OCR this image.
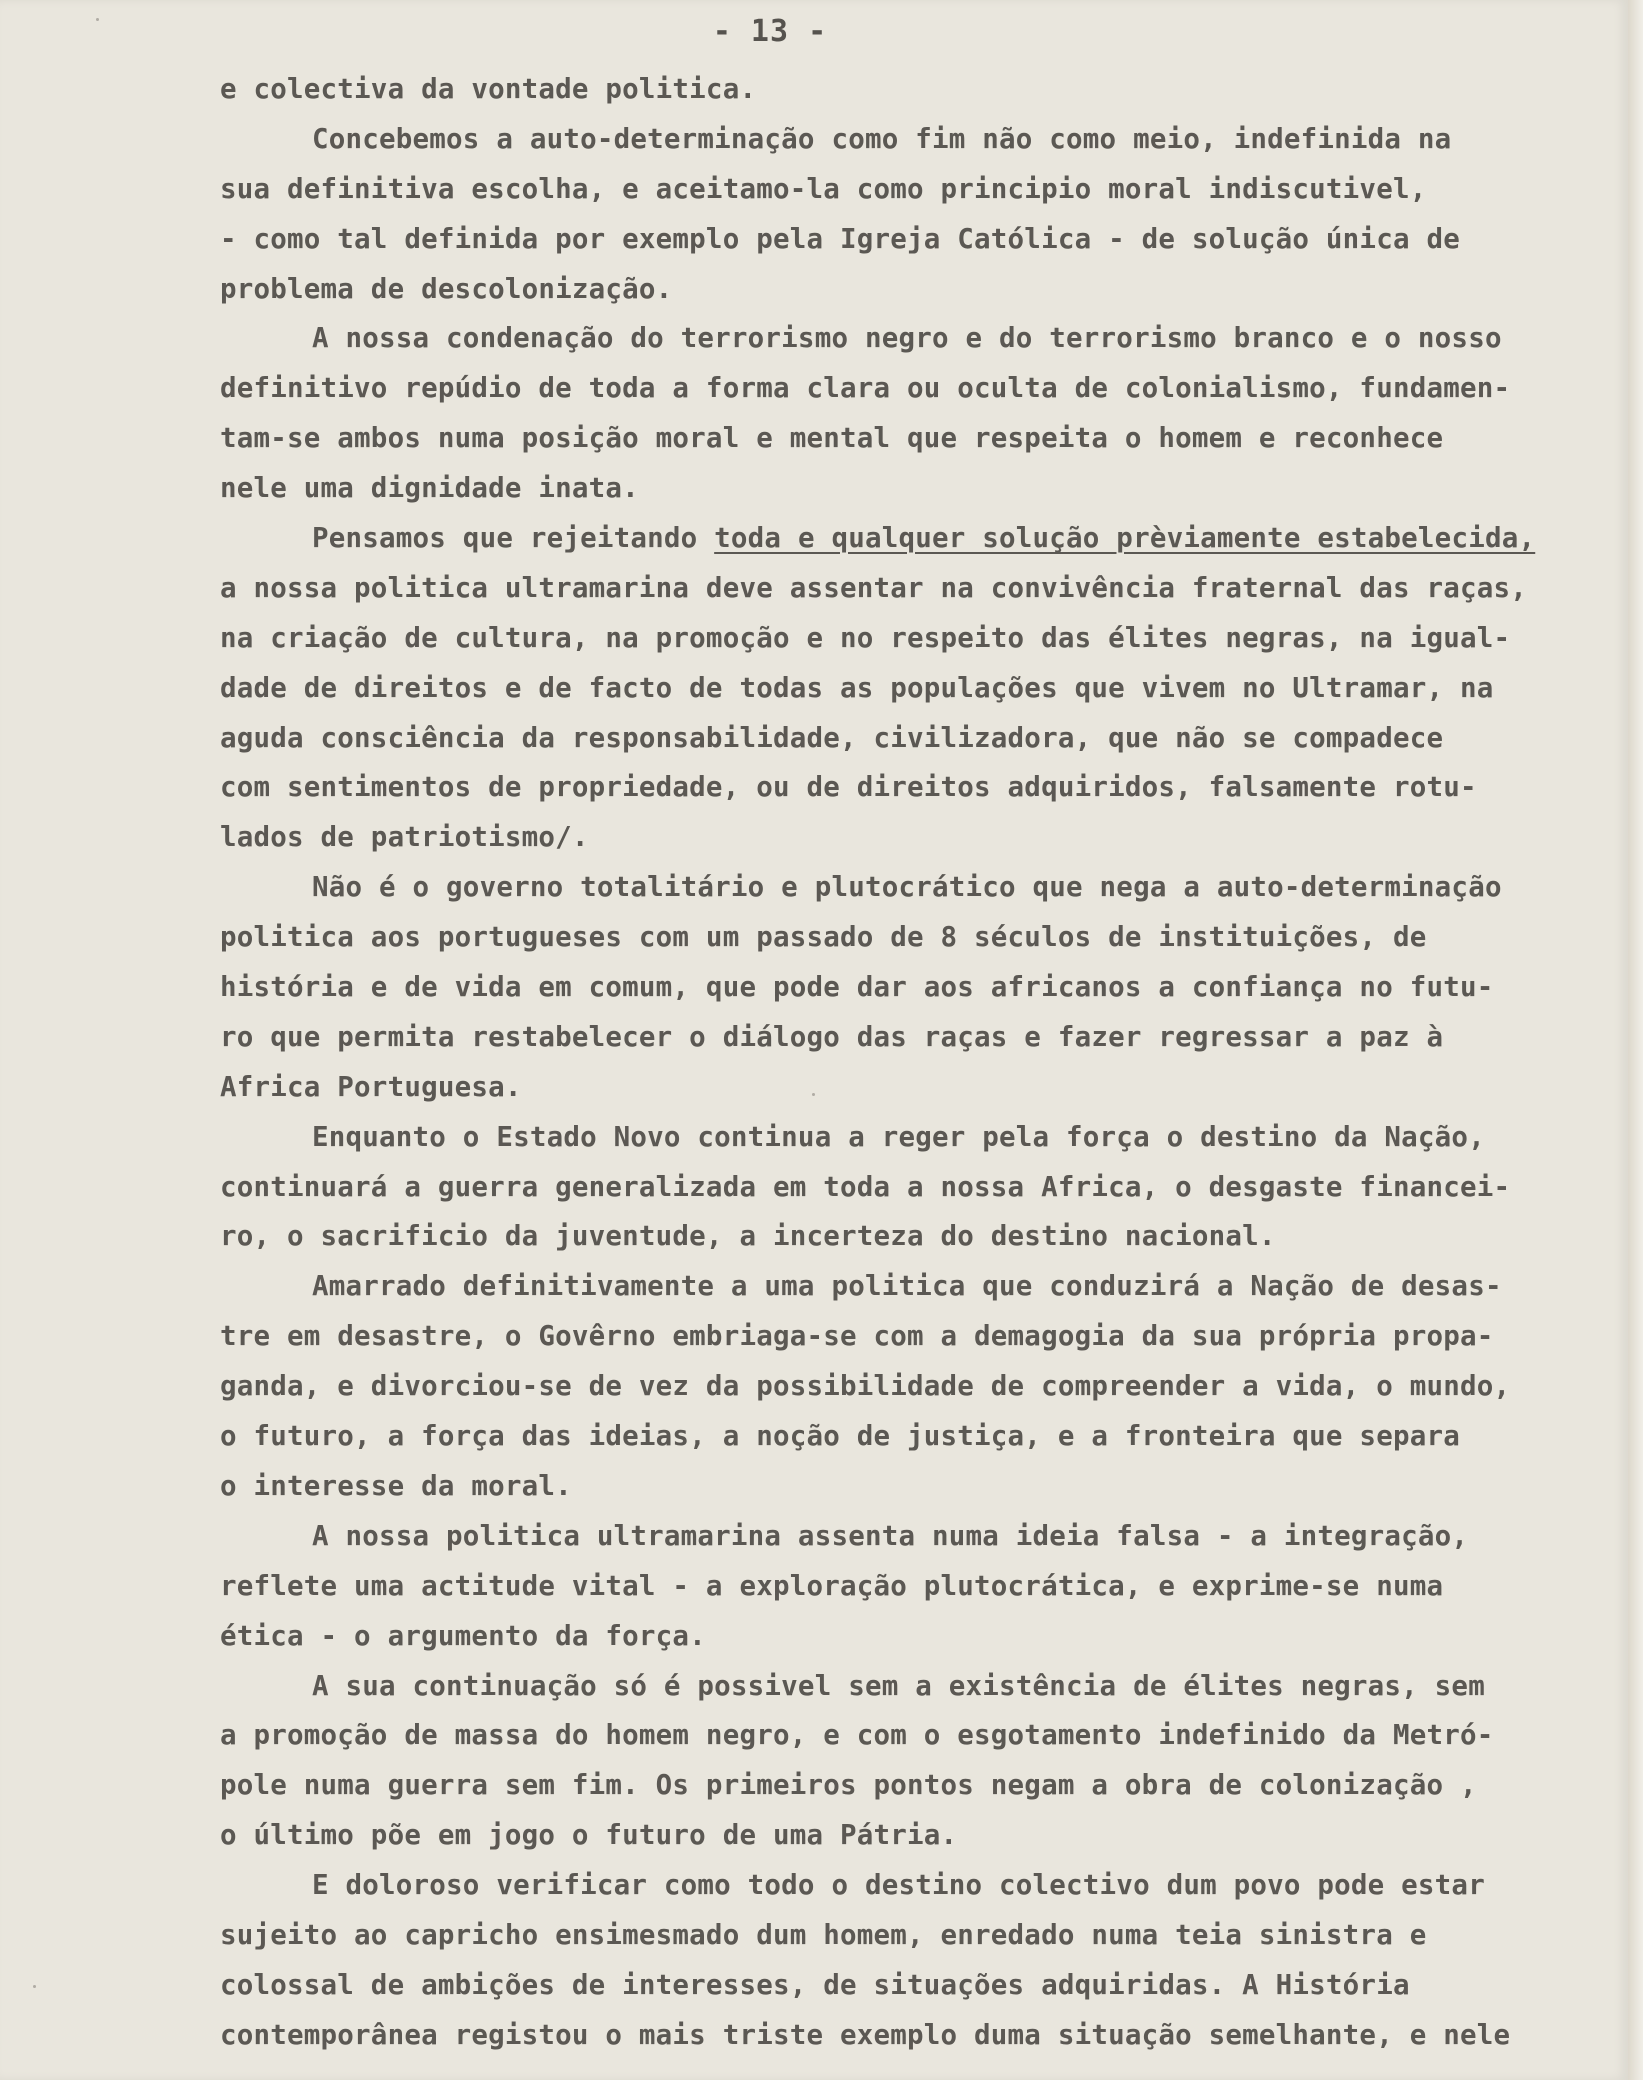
- 13 -
e colectiva da vontade politica.
Concebemos a auto-determinação como fim não como meio, indefinida na
sua definitiva escolha, e aceitamo-la como principio moral indiscutivel,
- como tal definida por exemplo pela Igreja Católica - de solução única de
problema de descolonização.
A nossa condenação do terrorismo negro e do terrorismo branco e o nosso
definitivo repúdio de toda a forma clara ou oculta de colonialismo, fundamen-
tam-se ambos numa posição moral e mental que respeita o homem e reconhece
nele uma dignidade inata.
Pensamos que rejeitando toda e qualquer solução prèviamente estabelecida,
a nossa politica ultramarina deve assentar na convivência fraternal das raças,
na criação de cultura, na promoção e no respeito das élites negras, na igual-
dade de direitos e de facto de todas as populações que vivem no Ultramar, na
aguda consciência da responsabilidade, civilizadora, que não se compadece
com sentimentos de propriedade, ou de direitos adquiridos, falsamente rotu-
lados de patriotismo/.
Não é o governo totalitário e plutocrático que nega a auto-determinação
politica aos portugueses com um passado de 8 séculos de instituições, de
história e de vida em comum, que pode dar aos africanos a confiança no futu-
ro que permita restabelecer o diálogo das raças e fazer regressar a paz à
Africa Portuguesa.
Enquanto o Estado Novo continua a reger pela força o destino da Nação,
continuará a guerra generalizada em toda a nossa Africa, o desgaste financei-
ro, o sacrificio da juventude, a incerteza do destino nacional.
Amarrado definitivamente a uma politica que conduzirá a Nação de desas-
tre em desastre, o Govêrno embriaga-se com a demagogia da sua própria propa-
ganda, e divorciou-se de vez da possibilidade de compreender a vida, o mundo,
o futuro, a força das ideias, a noção de justiça, e a fronteira que separa
o interesse da moral.
A nossa politica ultramarina assenta numa ideia falsa - a integração,
reflete uma actitude vital - a exploração plutocrática, e exprime-se numa
ética - o argumento da força.
A sua continuação só é possivel sem a existência de élites negras, sem
a promoção de massa do homem negro, e com o esgotamento indefinido da Metró-
pole numa guerra sem fim. Os primeiros pontos negam a obra de colonização ,
o último põe em jogo o futuro de uma Pátria.
E doloroso verificar como todo o destino colectivo dum povo pode estar
sujeito ao capricho ensimesmado dum homem, enredado numa teia sinistra e
colossal de ambições de interesses, de situações adquiridas. A História
contemporânea registou o mais triste exemplo duma situação semelhante, e nele
